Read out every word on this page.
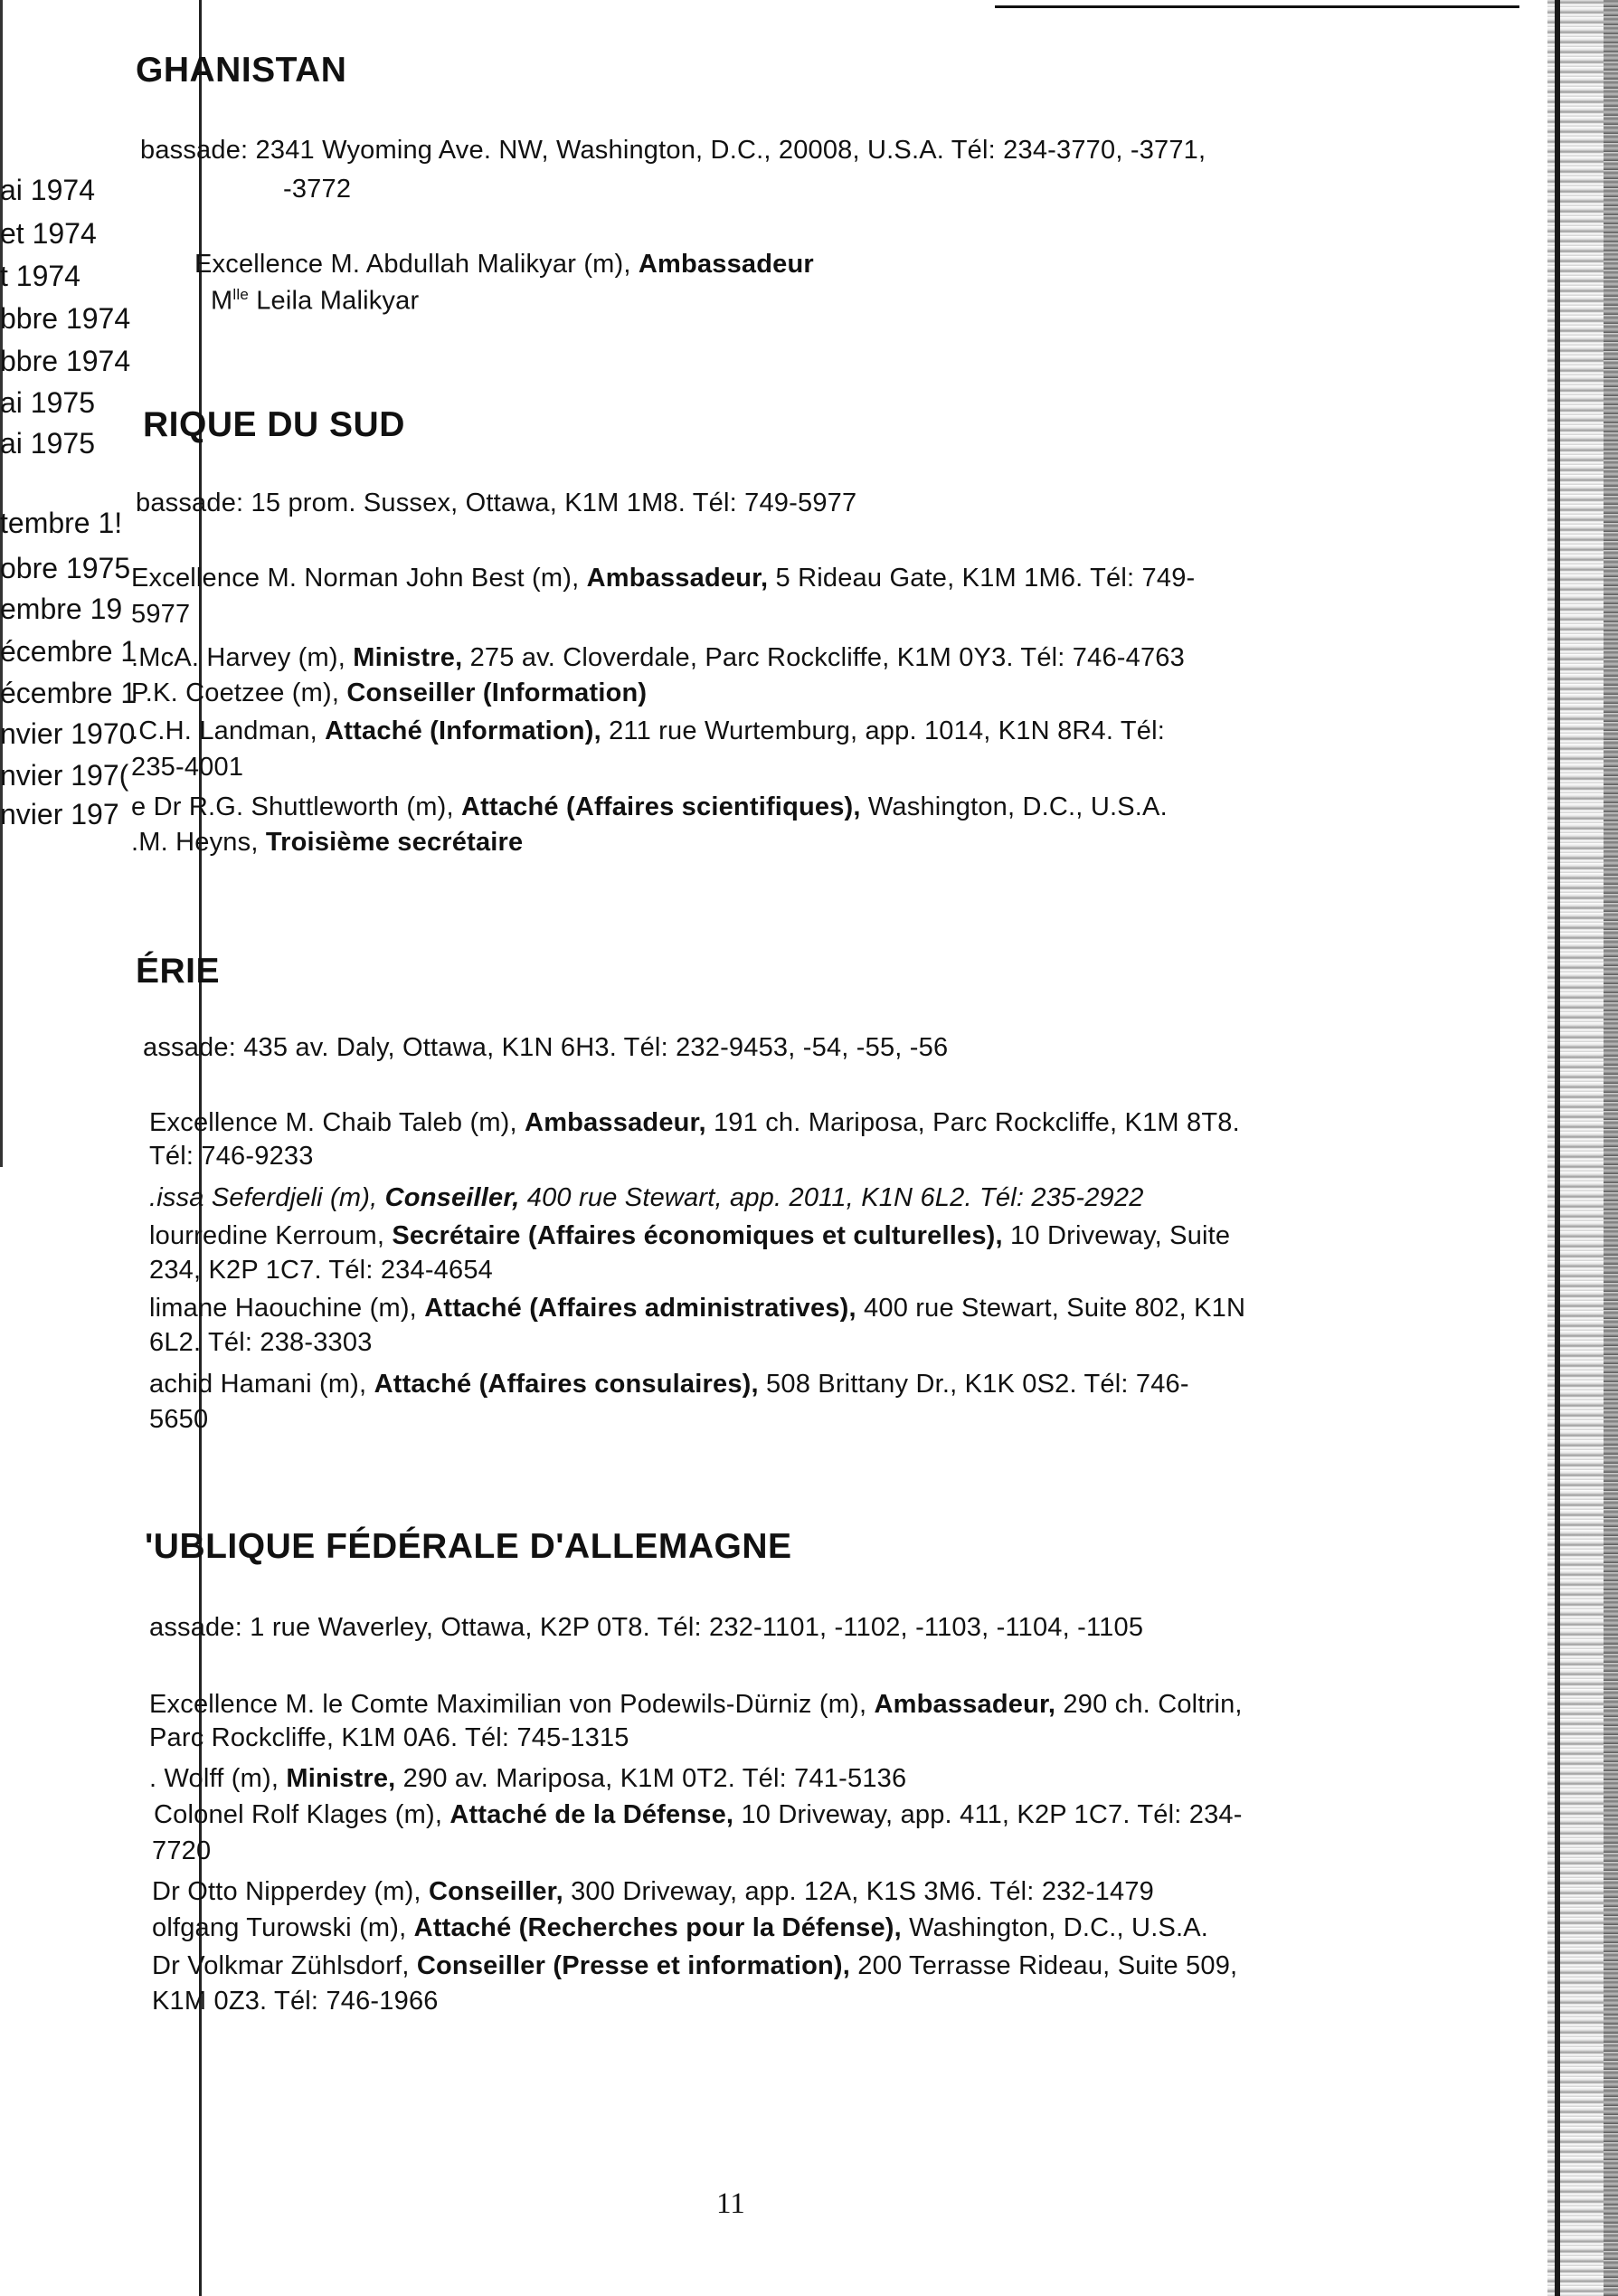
ai 1974
et 1974
t 1974
bbre 1974
bbre 1974
ai 1975
ai 1975
tembre 1!
obre 1975
embre 19
écembre 1
écembre 1
nvier 1970
nvier 197(
nvier 197
GHANISTAN
bassade: 2341 Wyoming Ave. NW, Washington, D.C., 20008, U.S.A. Tél: 234-3770, -3771,
-3772
Excellence M. Abdullah Malikyar (m), Ambassadeur
$M^{lle}$ Leila Malikyar
RIQUE DU SUD
bassade: 15 prom. Sussex, Ottawa, K1M 1M8. Tél: 749-5977
Excellence M. Norman John Best (m), Ambassadeur, 5 Rideau Gate, K1M 1M6. Tél: 749-
5977
.McA. Harvey (m), Ministre, 275 av. Cloverdale, Parc Rockcliffe, K1M 0Y3. Tél: 746-4763
P.K. Coetzee (m), Conseiller (Information)
.C.H. Landman, Attaché (Information), 211 rue Wurtemburg, app. 1014, K1N 8R4. Tél:
235-4001
e Dr R.G. Shuttleworth (m), Attaché (Affaires scientifiques), Washington, D.C., U.S.A.
.M. Heyns, Troisième secrétaire
ÉRIE
assade: 435 av. Daly, Ottawa, K1N 6H3. Tél: 232-9453, -54, -55, -56
Excellence M. Chaib Taleb (m), Ambassadeur, 191 ch. Mariposa, Parc Rockcliffe, K1M 8T8.
Tél: 746-9233
.issa Seferdjeli (m), Conseiller, 400 rue Stewart, app. 2011, K1N 6L2. Tél: 235-2922
lourredine Kerroum, Secrétaire (Affaires économiques et culturelles), 10 Driveway, Suite
234, K2P 1C7. Tél: 234-4654
limane Haouchine (m), Attaché (Affaires administratives), 400 rue Stewart, Suite 802, K1N
6L2. Tél: 238-3303
achid Hamani (m), Attaché (Affaires consulaires), 508 Brittany Dr., K1K 0S2. Tél: 746-
5650
'UBLIQUE FÉDÉRALE D'ALLEMAGNE
assade: 1 rue Waverley, Ottawa, K2P 0T8. Tél: 232-1101, -1102, -1103, -1104, -1105
Excellence M. le Comte Maximilian von Podewils-Dürniz (m), Ambassadeur, 290 ch. Coltrin,
Parc Rockcliffe, K1M 0A6. Tél: 745-1315
. Wolff (m), Ministre, 290 av. Mariposa, K1M 0T2. Tél: 741-5136
Colonel Rolf Klages (m), Attaché de la Défense, 10 Driveway, app. 411, K2P 1C7. Tél: 234-
7720
Dr Otto Nipperdey (m), Conseiller, 300 Driveway, app. 12A, K1S 3M6. Tél: 232-1479
olfgang Turowski (m), Attaché (Recherches pour la Défense), Washington, D.C., U.S.A.
Dr Volkmar Zühlsdorf, Conseiller (Presse et information), 200 Terrasse Rideau, Suite 509,
K1M 0Z3. Tél: 746-1966
11
